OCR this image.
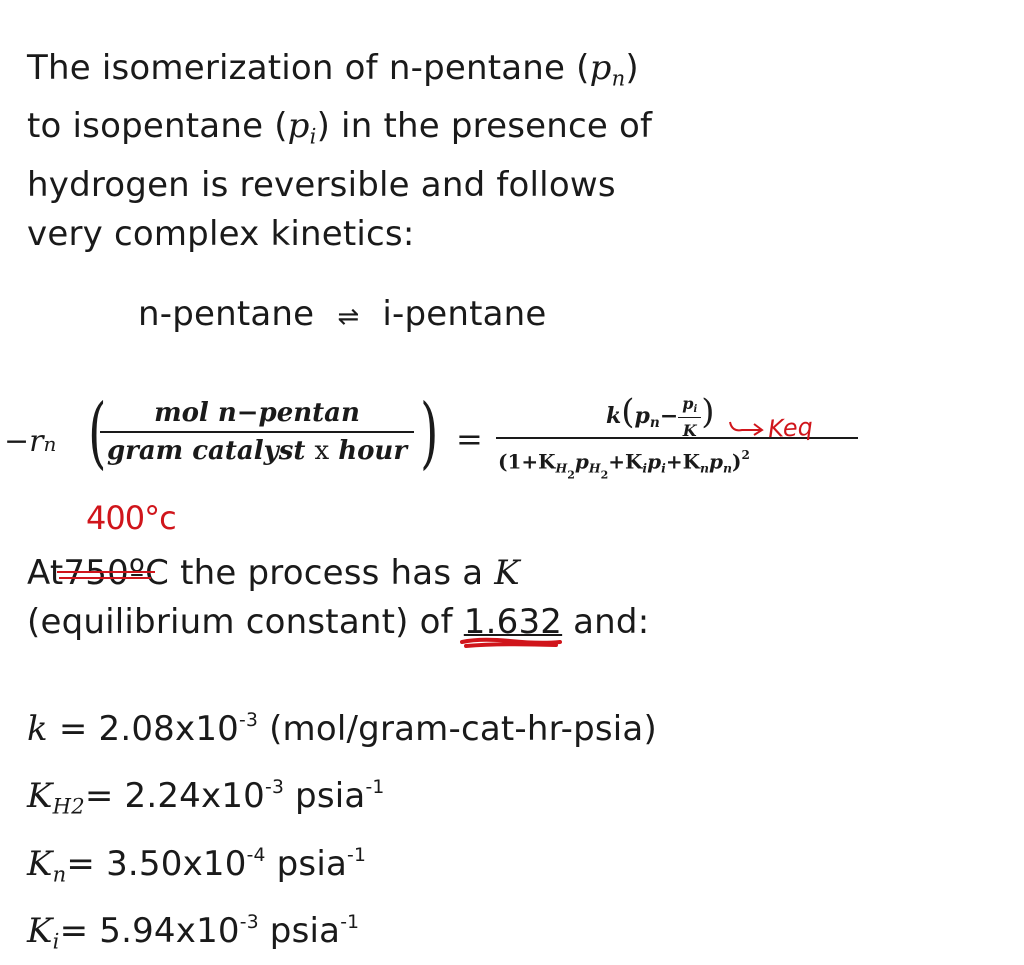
The isomerization of n-pentane $(p_n)$
to isopentane $(p_i)$ in the presence of
hydrogen is reversible and follows
very complex kinetics:
n-pentane ⇌ i-pentane
−rn (	mol n−pentan
gram catalyst x hour ) =
$k(p_n- \frac{p_i}{K}$ )
$(1+K_{H2}p_{H2}+K_ip_i+K_np_n)^2$
Keq
400°c
At750ºC
the process has a K
(equilibrium constant) of 1.632
and:
$k = 2.08x10^{-3}$ (mol/gram-cat-hr-psia)
$K_{H2}= 2.24x10^{-3}$ psia$^{-1}$
$K_n= 3.50x10^{-4}$ psia$^{-1}$
$K_i= 5.94x10^{-3}$ psia$^{-1}$
